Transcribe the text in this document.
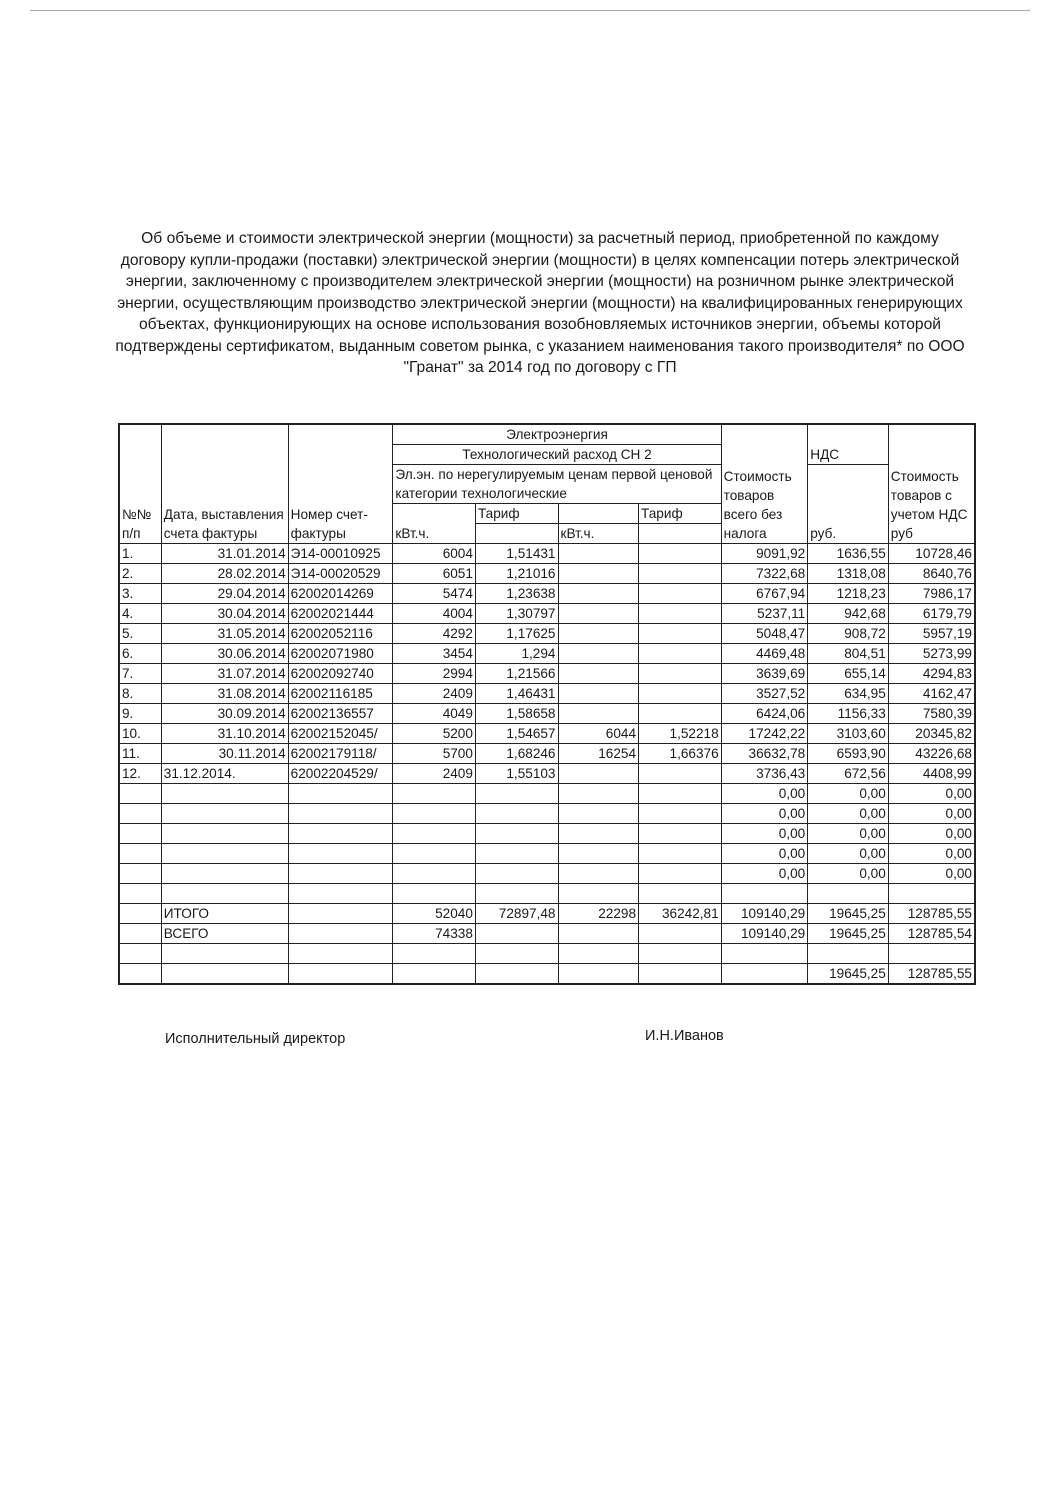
Об объеме и стоимости электрической энергии (мощности) за расчетный период, приобретенной по каждому договору купли-продажи (поставки) электрической энергии (мощности) в целях компенсации потерь электрической энергии, заключенному с производителем электрической энергии (мощности) на розничном рынке электрической энергии, осуществляющим производство электрической энергии (мощности) на квалифицированных генерирующих объектах, функционирующих на основе использования возобновляемых источников энергии, объемы которой подтверждены сертификатом, выданным советом рынка, с указанием наименования такого производителя* по ООО "Гранат" за 2014 год по договору с ГП
№№ п/п	Дата, выставления счета фактуры	Номер счет-фактуры	Электроэнергия				Стоимость товаров всего без налога	НДС	Стоимость товаров с учетом НДС руб
			Технологический расход СН 2						
			Эл.эн. по нерегулируемым ценам первой ценовой категории технологические						
								руб.	
			кВт.ч.	Тариф		Тариф			
					кВт.ч.				
1.	31.01.2014	Э14-00010925	6004	1,51431			9091,92	1636,55	10728,46
2.	28.02.2014	Э14-00020529	6051	1,21016			7322,68	1318,08	8640,76
3.	29.04.2014	62002014269	5474	1,23638			6767,94	1218,23	7986,17
4.	30.04.2014	62002021444	4004	1,30797			5237,11	942,68	6179,79
5.	31.05.2014	62002052116	4292	1,17625			5048,47	908,72	5957,19
6.	30.06.2014	62002071980	3454	1,294			4469,48	804,51	5273,99
7.	31.07.2014	62002092740	2994	1,21566			3639,69	655,14	4294,83
8.	31.08.2014	62002116185	2409	1,46431			3527,52	634,95	4162,47
9.	30.09.2014	62002136557	4049	1,58658			6424,06	1156,33	7580,39
10.	31.10.2014	62002152045/	5200	1,54657	6044	1,52218	17242,22	3103,60	20345,82
11.	30.11.2014	62002179118/	5700	1,68246	16254	1,66376	36632,78	6593,90	43226,68
12.	31.12.2014.	62002204529/	2409	1,55103			3736,43	672,56	4408,99
							0,00	0,00	0,00
							0,00	0,00	0,00
							0,00	0,00	0,00
							0,00	0,00	0,00
							0,00	0,00	0,00

	ИТОГО		52040	72897,48	22298	36242,81	109140,29	19645,25	128785,55
	ВСЕГО		74338				109140,29	19645,25	128785,54

								19645,25	128785,55
Исполнительный директор	И.Н.Иванов
